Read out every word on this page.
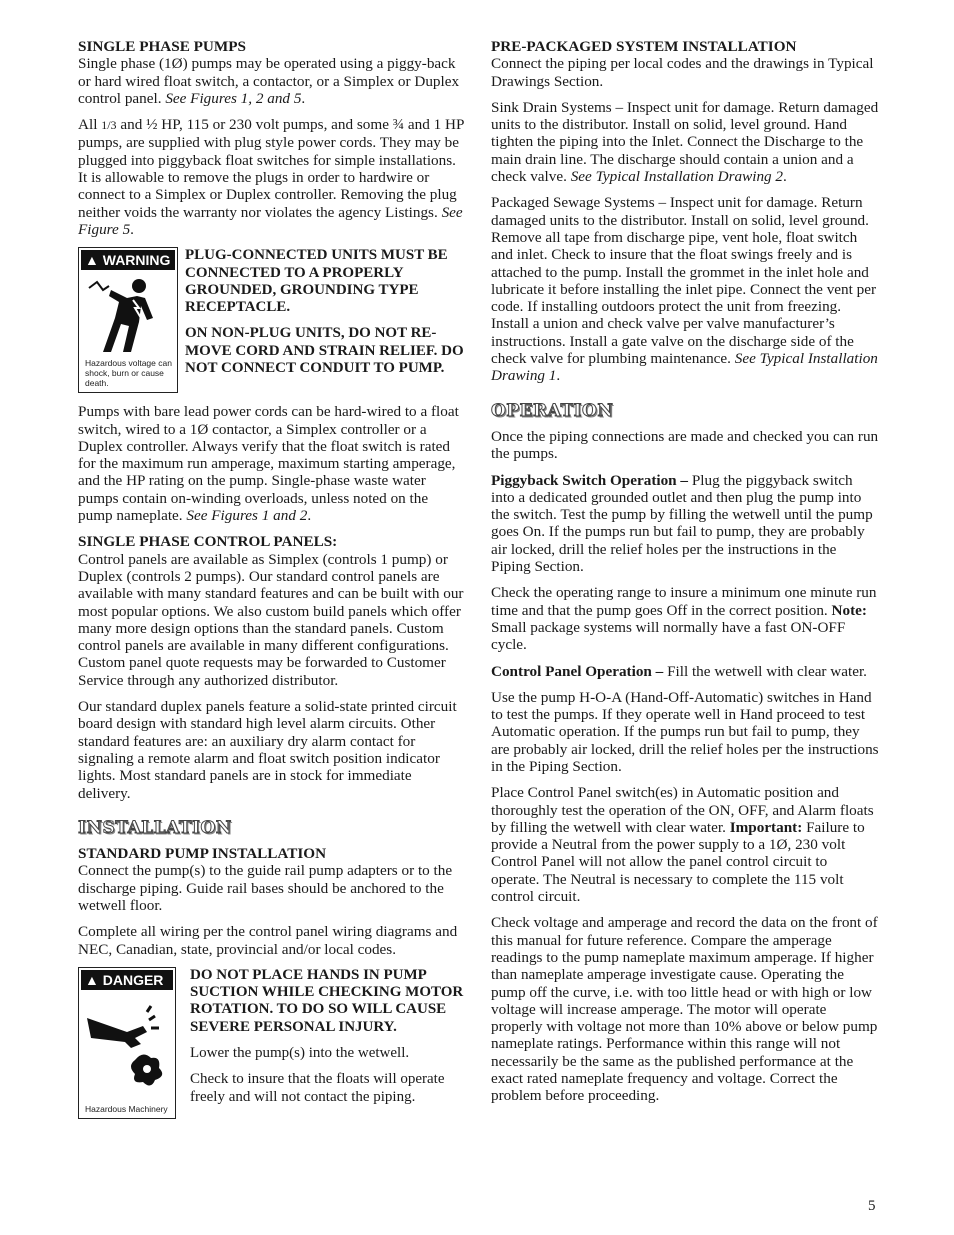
SINGLE PHASE PUMPS
Single phase (1Ø) pumps may be operated using a piggy-back or hard wired float switch, a contactor, or a Simplex or Duplex control panel. See Figures 1, 2 and 5.

All 1/3 and ½ HP, 115 or 230 volt pumps, and some ¾ and 1 HP pumps, are supplied with plug style power cords. They may be plugged into piggyback float switches for simple installations. It is allowable to remove the plugs in order to hardwire or connect to a Simplex or Duplex controller. Removing the plug neither voids the warranty nor violates the agency Listings. See Figure 5.

▲ WARNING
Hazardous voltage can shock, burn or cause death.

PLUG-CONNECTED UNITS MUST BE CONNECTED TO A PROPERLY GROUNDED, GROUNDING TYPE RECEPTACLE.

ON NON-PLUG UNITS, DO NOT RE-MOVE CORD AND STRAIN RELIEF. DO NOT CONNECT CONDUIT TO PUMP.

Pumps with bare lead power cords can be hard-wired to a float switch, wired to a 1Ø contactor, a Simplex controller or a Duplex controller. Always verify that the float switch is rated for the maximum run amperage, maximum starting amperage, and the HP rating on the pump. Single-phase waste water pumps contain on-winding overloads, unless noted on the pump nameplate. See Figures 1 and 2.

SINGLE PHASE CONTROL PANELS:
Control panels are available as Simplex (controls 1 pump) or Duplex (controls 2 pumps). Our standard control panels are available with many standard features and can be built with our most popular options. We also custom build panels which offer many more design options than the standard panels. Custom control panels are available in many different configurations. Custom panel quote requests may be forwarded to Customer Service through any authorized distributor.

Our standard duplex panels feature a solid-state printed circuit board design with standard high level alarm circuits. Other standard features are: an auxiliary dry alarm contact for signaling a remote alarm and float switch position indicator lights. Most standard panels are in stock for immediate delivery.

INSTALLATION

STANDARD PUMP INSTALLATION
Connect the pump(s) to the guide rail pump adapters or to the discharge piping. Guide rail bases should be anchored to the wetwell floor.

Complete all wiring per the control panel wiring diagrams and NEC, Canadian, state, provincial and/or local codes.

▲ DANGER
Hazardous Machinery

DO NOT PLACE HANDS IN PUMP SUCTION WHILE CHECKING MOTOR ROTATION. TO DO SO WILL CAUSE SEVERE PERSONAL INJURY.

Lower the pump(s) into the wetwell.

Check to insure that the floats will operate freely and will not contact the piping.

PRE-PACKAGED SYSTEM INSTALLATION
Connect the piping per local codes and the drawings in Typical Drawings Section.

Sink Drain Systems – Inspect unit for damage. Return damaged units to the distributor. Install on solid, level ground. Hand tighten the piping into the Inlet. Connect the Discharge to the main drain line. The discharge should contain a union and a check valve. See Typical Installation Drawing 2.

Packaged Sewage Systems – Inspect unit for damage. Return damaged units to the distributor. Install on solid, level ground. Remove all tape from discharge pipe, vent hole, float switch and inlet. Check to insure that the float swings freely and is attached to the pump. Install the grommet in the inlet hole and lubricate it before installing the inlet pipe. Connect the vent per code. If installing outdoors protect the unit from freezing. Install a union and check valve per valve manufacturer’s instructions. Install a gate valve on the discharge side of the check valve for plumbing maintenance. See Typical Installation Drawing 1.

OPERATION

Once the piping connections are made and checked you can run the pumps.

Piggyback Switch Operation – Plug the piggyback switch into a dedicated grounded outlet and then plug the pump into the switch. Test the pump by filling the wetwell until the pump goes On. If the pumps run but fail to pump, they are probably air locked, drill the relief holes per the instructions in the Piping Section.

Check the operating range to insure a minimum one minute run time and that the pump goes Off in the correct position. Note: Small package systems will normally have a fast ON-OFF cycle.

Control Panel Operation – Fill the wetwell with clear water.

Use the pump H-O-A (Hand-Off-Automatic) switches in Hand to test the pumps. If they operate well in Hand proceed to test Automatic operation. If the pumps run but fail to pump, they are probably air locked, drill the relief holes per the instructions in the Piping Section.

Place Control Panel switch(es) in Automatic position and thoroughly test the operation of the ON, OFF, and Alarm floats by filling the wetwell with clear water. Important: Failure to provide a Neutral from the power supply to a 1Ø, 230 volt Control Panel will not allow the panel control circuit to operate. The Neutral is necessary to complete the 115 volt control circuit.

Check voltage and amperage and record the data on the front of this manual for future reference. Compare the amperage readings to the pump nameplate maximum amperage. If higher than nameplate amperage investigate cause. Operating the pump off the curve, i.e. with too little head or with high or low voltage will increase amperage. The motor will operate properly with voltage not more than 10% above or below pump nameplate ratings. Performance within this range will not necessarily be the same as the published performance at the exact rated nameplate frequency and voltage. Correct the problem before proceeding.

5
